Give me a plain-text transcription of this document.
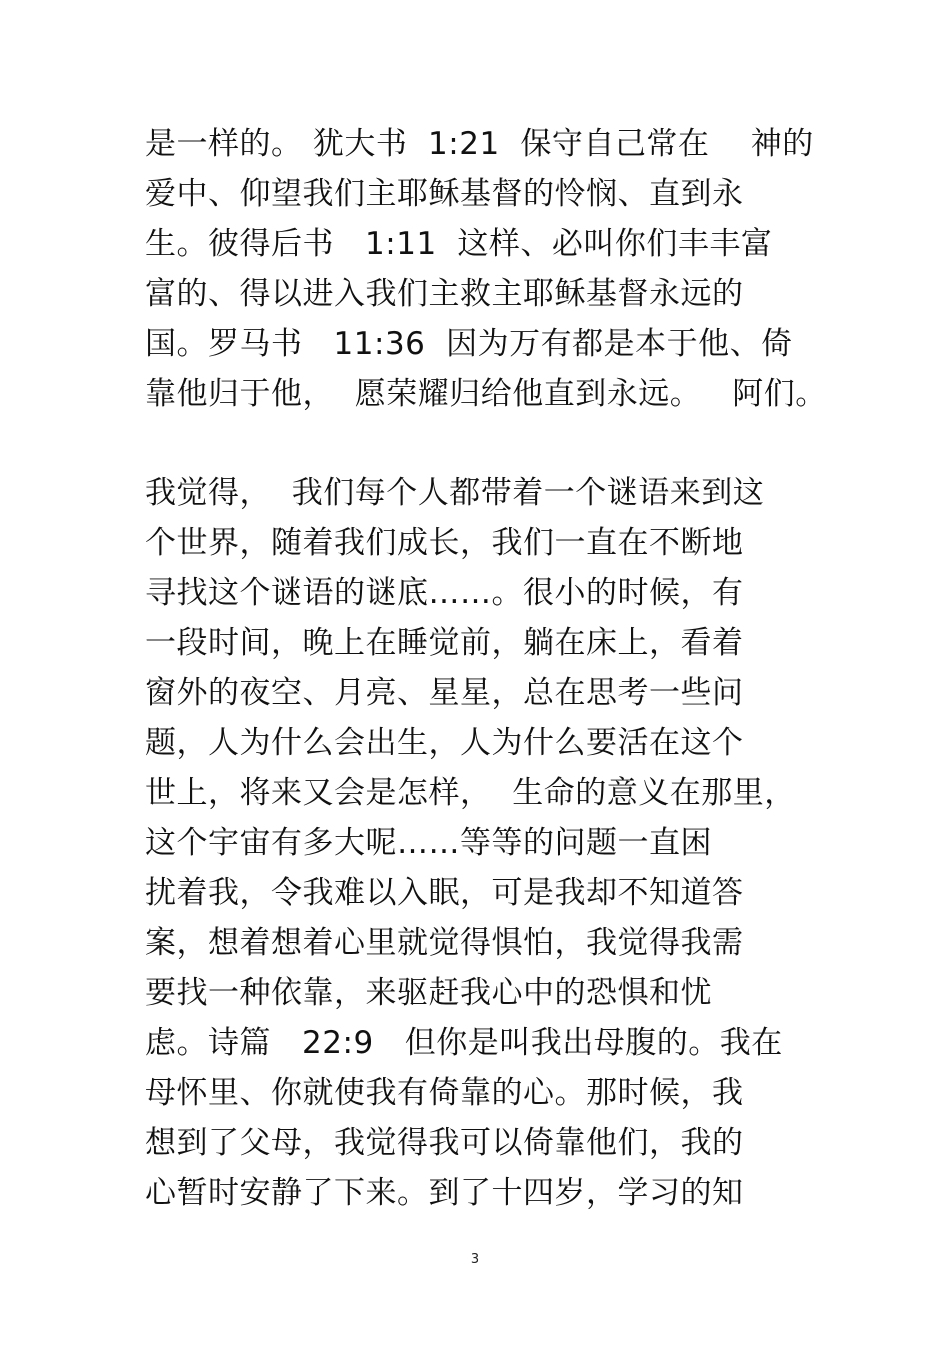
是一样的。 犹大书  1:21  保守自己常在    神的
爱中、仰望我们主耶稣基督的怜悯、直到永
生。彼得后书   1:11  这样、必叫你们丰丰富
富的、得以进入我们主救主耶稣基督永远的
国。罗马书   11:36  因为万有都是本于他、倚
靠他归于他，  愿荣耀归给他直到永远。   阿们。
我觉得，  我们每个人都带着一个谜语来到这
个世界，随着我们成长，我们一直在不断地
寻找这个谜语的谜底……。很小的时候，有
一段时间，晚上在睡觉前，躺在床上，看着
窗外的夜空、月亮、星星，总在思考一些问
题，人为什么会出生，人为什么要活在这个
世上，将来又会是怎样，  生命的意义在那里，
这个宇宙有多大呢……等等的问题一直困
扰着我，令我难以入眠，可是我却不知道答
案，想着想着心里就觉得惧怕，我觉得我需
要找一种依靠，来驱赶我心中的恐惧和忧
虑。诗篇   22:9   但你是叫我出母腹的。我在
母怀里、你就使我有倚靠的心。那时候，我
想到了父母，我觉得我可以倚靠他们，我的
心暂时安静了下来。到了十四岁，学习的知
3
